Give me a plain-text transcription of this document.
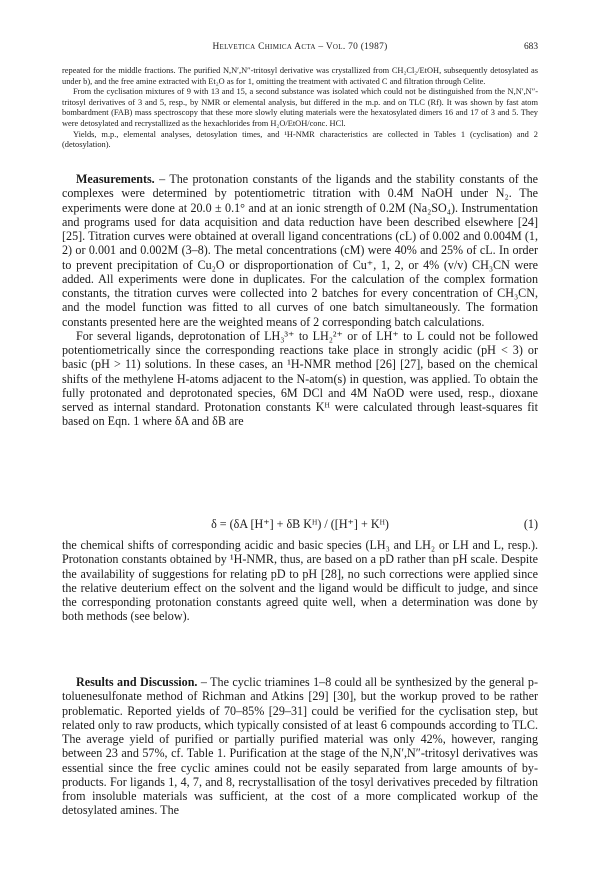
Helvetica Chimica Acta – Vol. 70 (1987)	683

repeated for the middle fractions. The purified N,N′,N″-tritosyl derivative was crystallized from CH₂Cl₂/EtOH, subsequently detosylated as under b), and the free amine extracted with Et₂O as for 1, omitting the treatment with activated C and filtration through Celite.

From the cyclisation mixtures of 9 with 13 and 15, a second substance was isolated which could not be distinguished from the N,N′,N″-tritosyl derivatives of 3 and 5, resp., by NMR or elemental analysis, but differed in the m.p. and on TLC (Rf). It was shown by fast atom bombardment (FAB) mass spectroscopy that these more slowly eluting materials were the hexatosylated dimers 16 and 17 of 3 and 5. They were detosylated and recrystallized as the hexachlorides from H₂O/EtOH/conc. HCl.

Yields, m.p., elemental analyses, detosylation times, and ¹H-NMR characteristics are collected in Tables 1 (cyclisation) and 2 (detosylation).

Measurements. – The protonation constants of the ligands and the stability constants of the complexes were determined by potentiometric titration with 0.4M NaOH under N₂. The experiments were done at 20.0 ± 0.1° and at an ionic strength of 0.2M (Na₂SO₄). Instrumentation and programs used for data acquisition and data reduction have been described elsewhere [24] [25]. Titration curves were obtained at overall ligand concentrations (cL) of 0.002 and 0.004M (1, 2) or 0.001 and 0.002M (3–8). The metal concentrations (cM) were 40% and 25% of cL. In order to prevent precipitation of Cu₂O or disproportionation of Cu⁺, 1, 2, or 4% (v/v) CH₃CN were added. All experiments were done in duplicates. For the calculation of the complex formation constants, the titration curves were collected into 2 batches for every concentration of CH₃CN, and the model function was fitted to all curves of one batch simultaneously. The formation constants presented here are the weighted means of 2 corresponding batch calculations.

For several ligands, deprotonation of LH₃³⁺ to LH₂²⁺ or of LH⁺ to L could not be followed potentiometrically since the corresponding reactions take place in strongly acidic (pH < 3) or basic (pH > 11) solutions. In these cases, an ¹H-NMR method [26] [27], based on the chemical shifts of the methylene H-atoms adjacent to the N-atom(s) in question, was applied. To obtain the fully protonated and deprotonated species, 6M DCl and 4M NaOD were used, resp., dioxane served as internal standard. Protonation constants Kᴴ were calculated through least-squares fit based on Eqn. 1 where δA and δB are

δ = (δA [H⁺] + δB Kᴴ) / ([H⁺] + Kᴴ)	(1)

the chemical shifts of corresponding acidic and basic species (LH₃ and LH₂ or LH and L, resp.). Protonation constants obtained by ¹H-NMR, thus, are based on a pD rather than pH scale. Despite the availability of suggestions for relating pD to pH [28], no such corrections were applied since the relative deuterium effect on the solvent and the ligand would be difficult to judge, and since the corresponding protonation constants agreed quite well, when a determination was done by both methods (see below).

Results and Discussion. – The cyclic triamines 1–8 could all be synthesized by the general p-toluenesulfonate method of Richman and Atkins [29] [30], but the workup proved to be rather problematic. Reported yields of 70–85% [29–31] could be verified for the cyclisation step, but related only to raw products, which typically consisted of at least 6 compounds according to TLC. The average yield of purified or partially purified material was only 42%, however, ranging between 23 and 57%, cf. Table 1. Purification at the stage of the N,N′,N″-tritosyl derivatives was essential since the free cyclic amines could not be easily separated from large amounts of by-products. For ligands 1, 4, 7, and 8, recrystallisation of the tosyl derivatives preceded by filtration from insoluble materials was sufficient, at the cost of a more complicated workup of the detosylated amines. The
